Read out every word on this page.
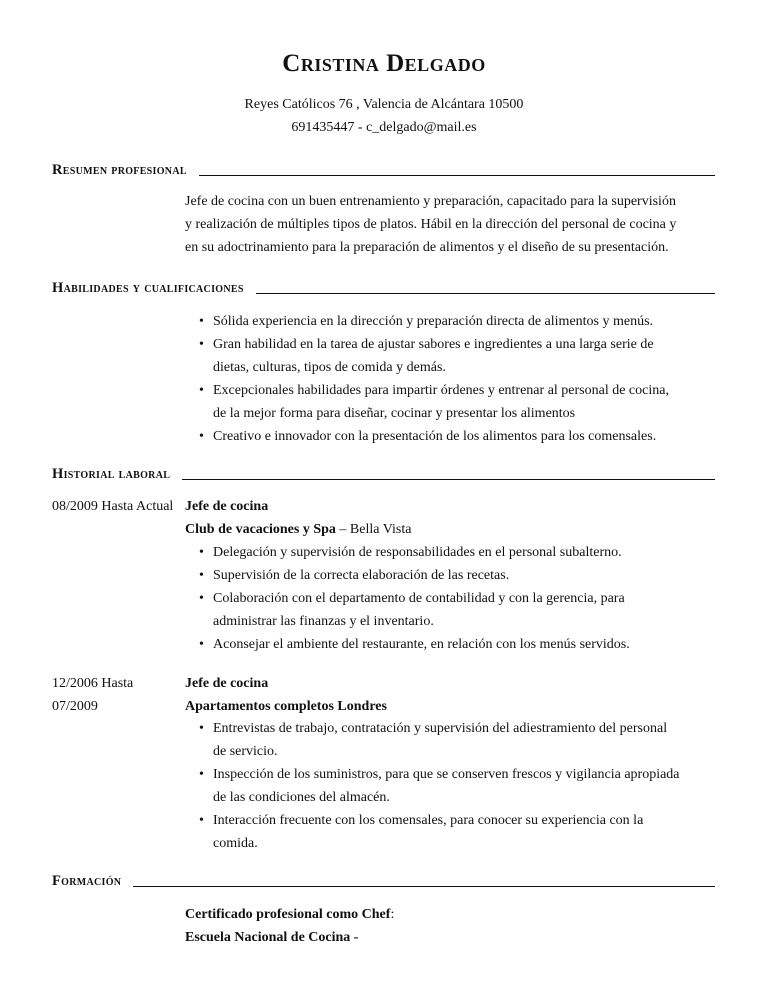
Cristina Delgado
Reyes Católicos 76 , Valencia de Alcántara 10500
691435447 - c_delgado@mail.es
Resumen profesional
Jefe de cocina con un buen entrenamiento y preparación, capacitado para la supervisión
y realización de múltiples tipos de platos. Hábil en la dirección del personal de cocina y
en su adoctrinamiento para la preparación de alimentos y el diseño de su presentación.
Habilidades y cualificaciones
• Sólida experiencia en la dirección y preparación directa de alimentos y menús.
• Gran habilidad en la tarea de ajustar sabores e ingredientes a una larga serie de
dietas, culturas, tipos de comida y demás.
• Excepcionales habilidades para impartir órdenes y entrenar al personal de cocina,
de la mejor forma para diseñar, cocinar y presentar los alimentos
• Creativo e innovador con la presentación de los alimentos para los comensales.
Historial laboral
08/2009 Hasta Actual Jefe de cocina
Club de vacaciones y Spa – Bella Vista
• Delegación y supervisión de responsabilidades en el personal subalterno.
• Supervisión de la correcta elaboración de las recetas.
• Colaboración con el departamento de contabilidad y con la gerencia, para
administrar las finanzas y el inventario.
• Aconsejar el ambiente del restaurante, en relación con los menús servidos.
12/2006 Hasta
07/2009
Jefe de cocina
Apartamentos completos Londres
• Entrevistas de trabajo, contratación y supervisión del adiestramiento del personal
de servicio.
• Inspección de los suministros, para que se conserven frescos y vigilancia apropiada
de las condiciones del almacén.
• Interacción frecuente con los comensales, para conocer su experiencia con la
comida.
Formación
Certificado profesional como Chef:
Escuela Nacional de Cocina -
